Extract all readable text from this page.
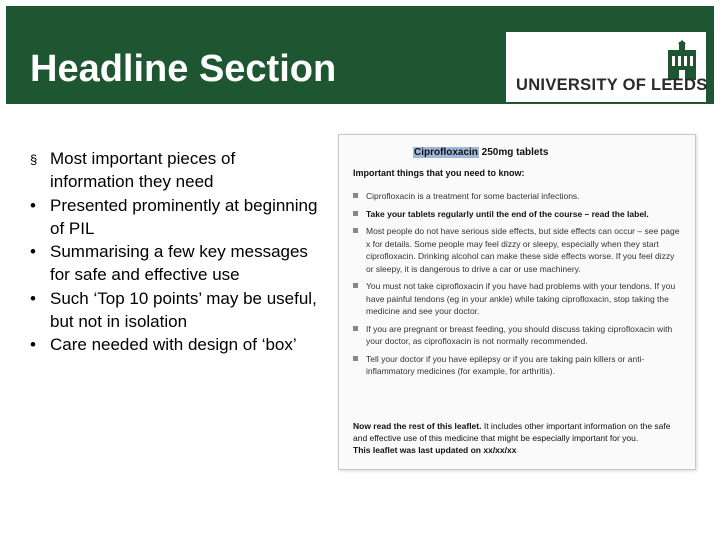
Headline Section	UNIVERSITY OF LEEDS
§ Most important pieces of information they need
• Presented prominently at beginning of PIL
• Summarising a few key messages for safe and effective use
• Such ‘Top 10 points’ may be useful, but not in isolation
• Care needed with design of ‘box’
Ciprofloxacin 250mg tablets
Important things that you need to know:
Ciprofloxacin is a treatment for some bacterial infections.
Take your tablets regularly until the end of the course – read the label.
Most people do not have serious side effects, but side effects can occur – see page x for details. Some people may feel dizzy or sleepy, especially when they start ciprofloxacin. Drinking alcohol can make these side effects worse. If you feel dizzy or sleepy, it is dangerous to drive a car or use machinery.
You must not take ciprofloxacin if you have had problems with your tendons. If you have painful tendons (eg in your ankle) while taking ciprofloxacin, stop taking the medicine and see your doctor.
If you are pregnant or breast feeding, you should discuss taking ciprofloxacin with your doctor, as ciprofloxacin is not normally recommended.
Tell your doctor if you have epilepsy or if you are taking pain killers or anti-inflammatory medicines (for example, for arthritis).
Now read the rest of this leaflet. It includes other important information on the safe and effective use of this medicine that might be especially important for you.
This leaflet was last updated on xx/xx/xx
